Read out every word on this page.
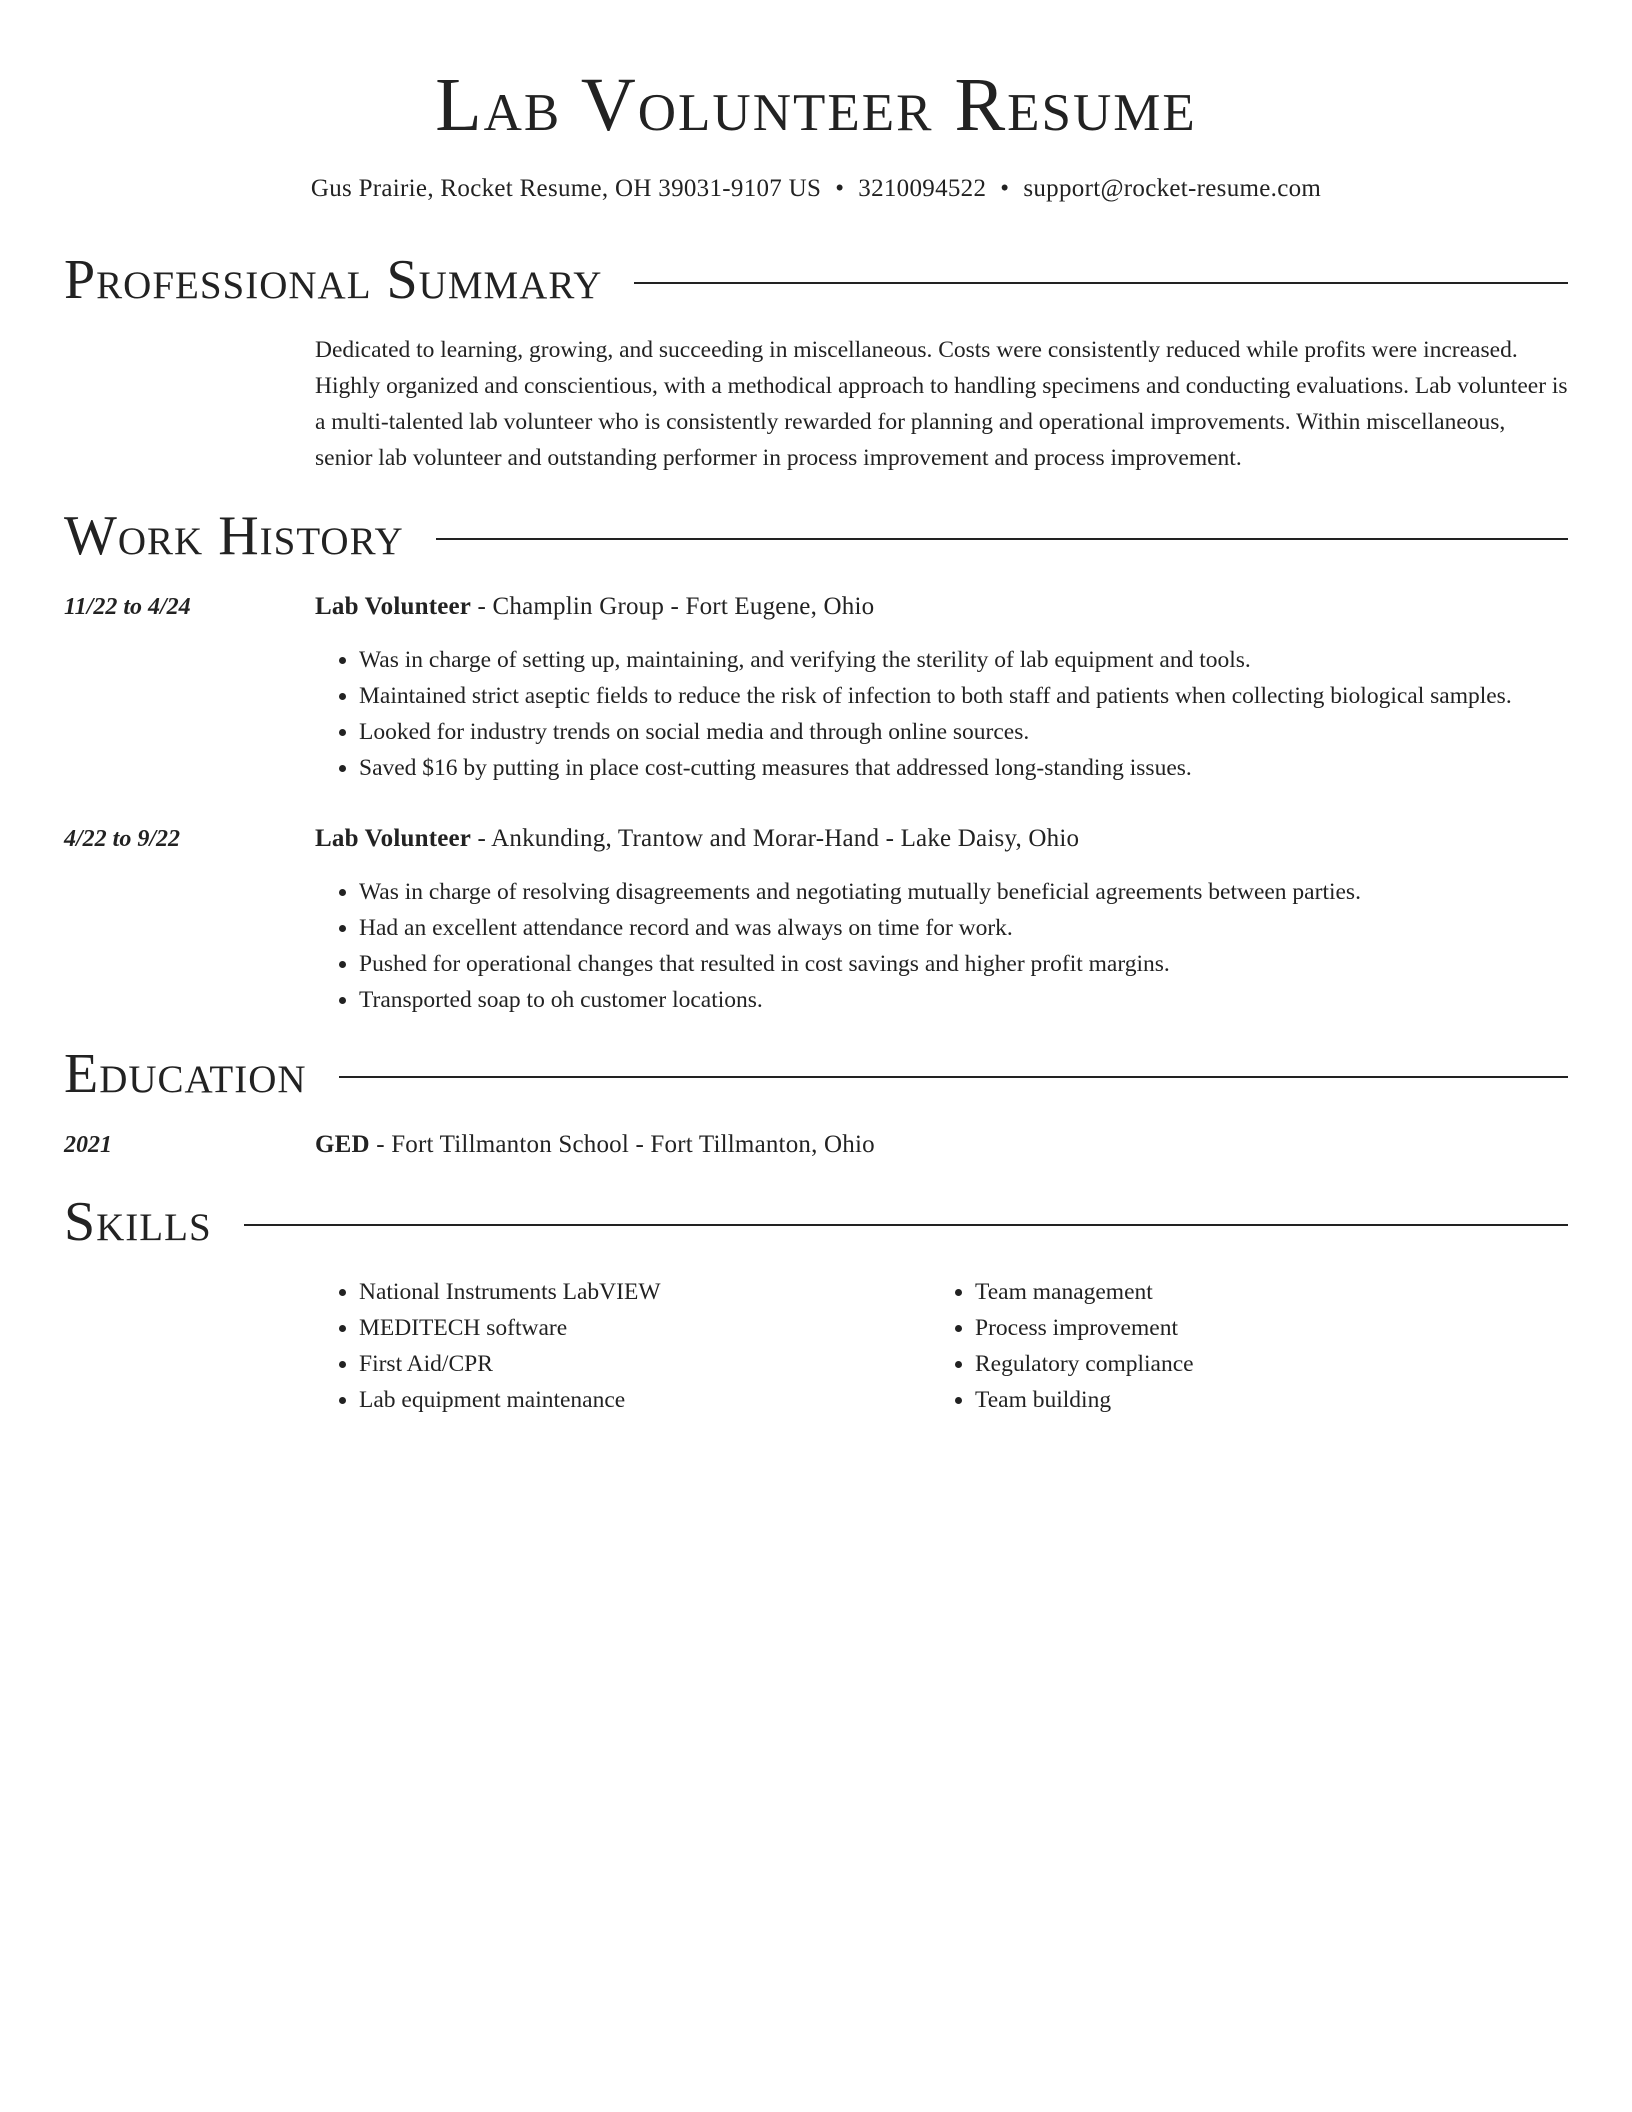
Lab Volunteer Resume
Gus Prairie, Rocket Resume, OH 39031-9107 US • 3210094522 • support@rocket-resume.com
Professional Summary
Dedicated to learning, growing, and succeeding in miscellaneous. Costs were consistently reduced while profits were increased. Highly organized and conscientious, with a methodical approach to handling specimens and conducting evaluations. Lab volunteer is a multi-talented lab volunteer who is consistently rewarded for planning and operational improvements. Within miscellaneous, senior lab volunteer and outstanding performer in process improvement and process improvement.
Work History
11/22 to 4/24	Lab Volunteer - Champlin Group - Fort Eugene, Ohio
• Was in charge of setting up, maintaining, and verifying the sterility of lab equipment and tools.
• Maintained strict aseptic fields to reduce the risk of infection to both staff and patients when collecting biological samples.
• Looked for industry trends on social media and through online sources.
• Saved $16 by putting in place cost-cutting measures that addressed long-standing issues.
4/22 to 9/22	Lab Volunteer - Ankunding, Trantow and Morar-Hand - Lake Daisy, Ohio
• Was in charge of resolving disagreements and negotiating mutually beneficial agreements between parties.
• Had an excellent attendance record and was always on time for work.
• Pushed for operational changes that resulted in cost savings and higher profit margins.
• Transported soap to oh customer locations.
Education
2021	GED - Fort Tillmanton School - Fort Tillmanton, Ohio
Skills
• National Instruments LabVIEW
• MEDITECH software
• First Aid/CPR
• Lab equipment maintenance
• Team management
• Process improvement
• Regulatory compliance
• Team building
